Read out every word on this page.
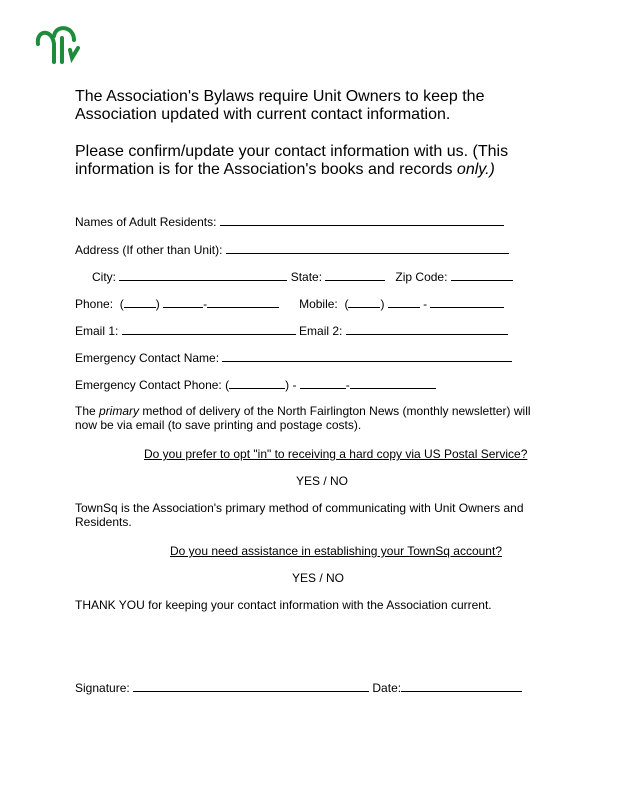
The Association's Bylaws require Unit Owners to keep the Association updated with current contact information.

Please confirm/update your contact information with us. (This information is for the Association's books and records only.)

Names of Adult Residents:
Address (If other than Unit):
City:	State:	Zip Code:
Phone: (	)	-	Mobile: (	)	-
Email 1:	Email 2:
Emergency Contact Name:
Emergency Contact Phone: (	) -	-

The primary method of delivery of the North Fairlington News (monthly newsletter) will now be via email (to save printing and postage costs).

Do you prefer to opt "in" to receiving a hard copy via US Postal Service?
YES / NO

TownSq is the Association's primary method of communicating with Unit Owners and Residents.

Do you need assistance in establishing your TownSq account?
YES / NO

THANK YOU for keeping your contact information with the Association current.

Signature:	Date:
